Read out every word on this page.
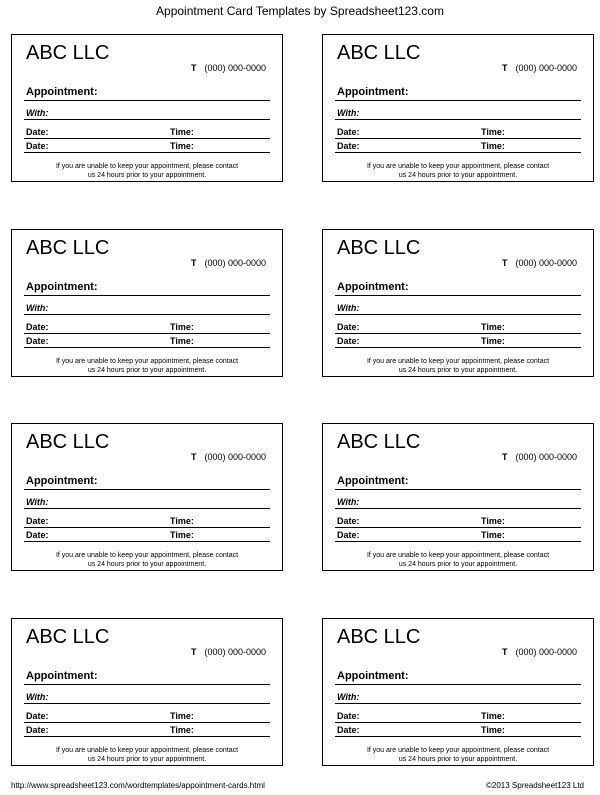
Appointment Card Templates by Spreadsheet123.com
ABC LLC
T (000) 000-0000
Appointment:
With:
Date:	Time:
Date:	Time:
If you are unable to keep your appointment, please contact
us 24 hours prior to your appointment.
ABC LLC
T (000) 000-0000
Appointment:
With:
Date:	Time:
Date:	Time:
If you are unable to keep your appointment, please contact
us 24 hours prior to your appointment.
ABC LLC
T (000) 000-0000
Appointment:
With:
Date:	Time:
Date:	Time:
If you are unable to keep your appointment, please contact
us 24 hours prior to your appointment.
ABC LLC
T (000) 000-0000
Appointment:
With:
Date:	Time:
Date:	Time:
If you are unable to keep your appointment, please contact
us 24 hours prior to your appointment.
ABC LLC
T (000) 000-0000
Appointment:
With:
Date:	Time:
Date:	Time:
If you are unable to keep your appointment, please contact
us 24 hours prior to your appointment.
ABC LLC
T (000) 000-0000
Appointment:
With:
Date:	Time:
Date:	Time:
If you are unable to keep your appointment, please contact
us 24 hours prior to your appointment.
ABC LLC
T (000) 000-0000
Appointment:
With:
Date:	Time:
Date:	Time:
If you are unable to keep your appointment, please contact
us 24 hours prior to your appointment.
ABC LLC
T (000) 000-0000
Appointment:
With:
Date:	Time:
Date:	Time:
If you are unable to keep your appointment, please contact
us 24 hours prior to your appointment.
http://www.spreadsheet123.com/wordtemplates/appointment-cards.html	©2013 Spreadsheet123 Ltd
